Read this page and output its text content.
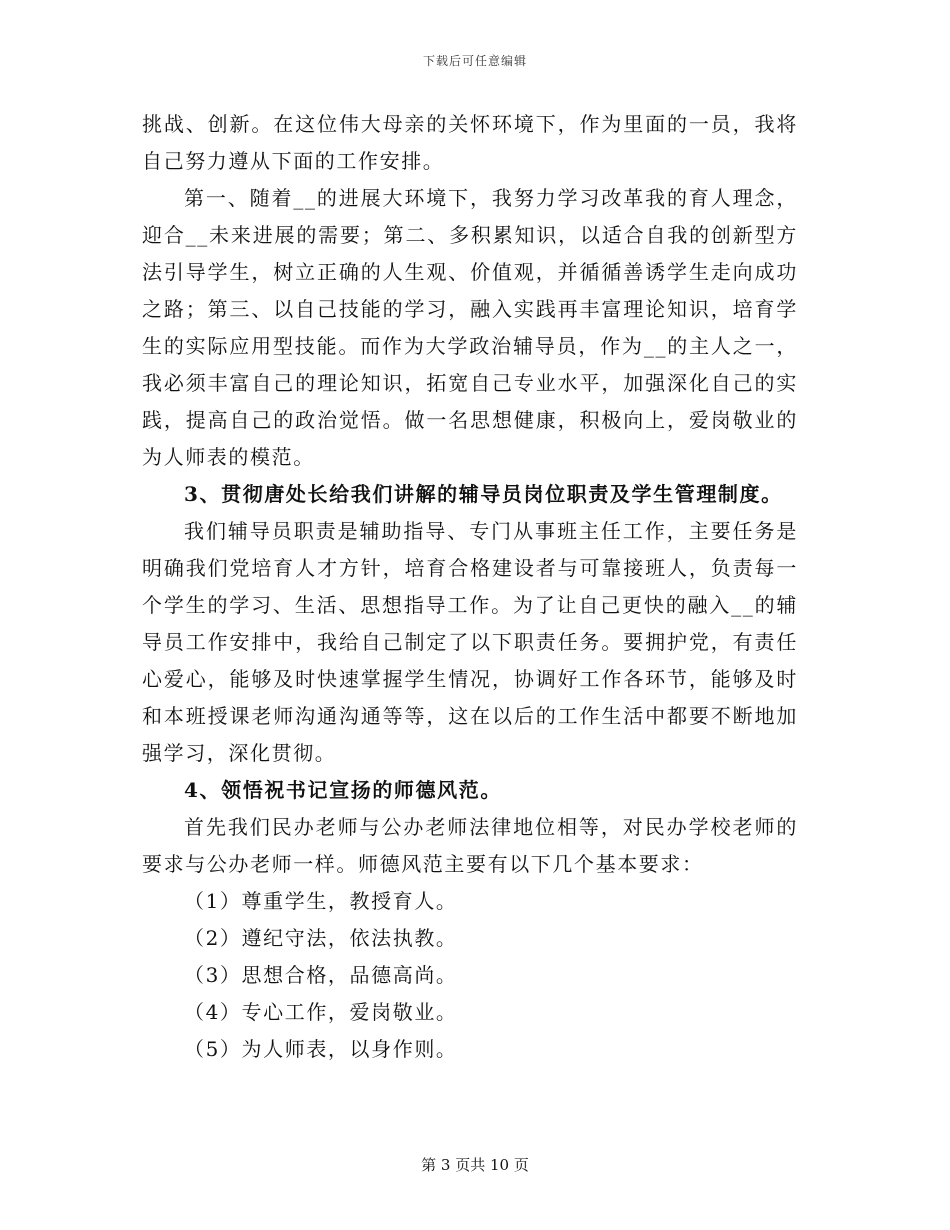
下载后可任意编辑

挑战、创新。在这位伟大母亲的关怀环境下，作为里面的一员，我将自己努力遵从下面的工作安排。

第一、随着__的进展大环境下，我努力学习改革我的育人理念，迎合__未来进展的需要；第二、多积累知识，以适合自我的创新型方法引导学生，树立正确的人生观、价值观，并循循善诱学生走向成功之路；第三、以自己技能的学习，融入实践再丰富理论知识，培育学生的实际应用型技能。而作为大学政治辅导员，作为__的主人之一，我必须丰富自己的理论知识，拓宽自己专业水平，加强深化自己的实践，提高自己的政治觉悟。做一名思想健康，积极向上，爱岗敬业的为人师表的模范。

3、贯彻唐处长给我们讲解的辅导员岗位职责及学生管理制度。

我们辅导员职责是辅助指导、专门从事班主任工作，主要任务是明确我们党培育人才方针，培育合格建设者与可靠接班人，负责每一个学生的学习、生活、思想指导工作。为了让自己更快的融入__的辅导员工作安排中，我给自己制定了以下职责任务。要拥护党，有责任心爱心，能够及时快速掌握学生情况，协调好工作各环节，能够及时和本班授课老师沟通沟通等等，这在以后的工作生活中都要不断地加强学习，深化贯彻。

4、领悟祝书记宣扬的师德风范。

首先我们民办老师与公办老师法律地位相等，对民办学校老师的要求与公办老师一样。师德风范主要有以下几个基本要求：

（1）尊重学生，教授育人。

（2）遵纪守法，依法执教。

（3）思想合格，品德高尚。

（4）专心工作，爱岗敬业。

（5）为人师表，以身作则。

第 3 页共 10 页
